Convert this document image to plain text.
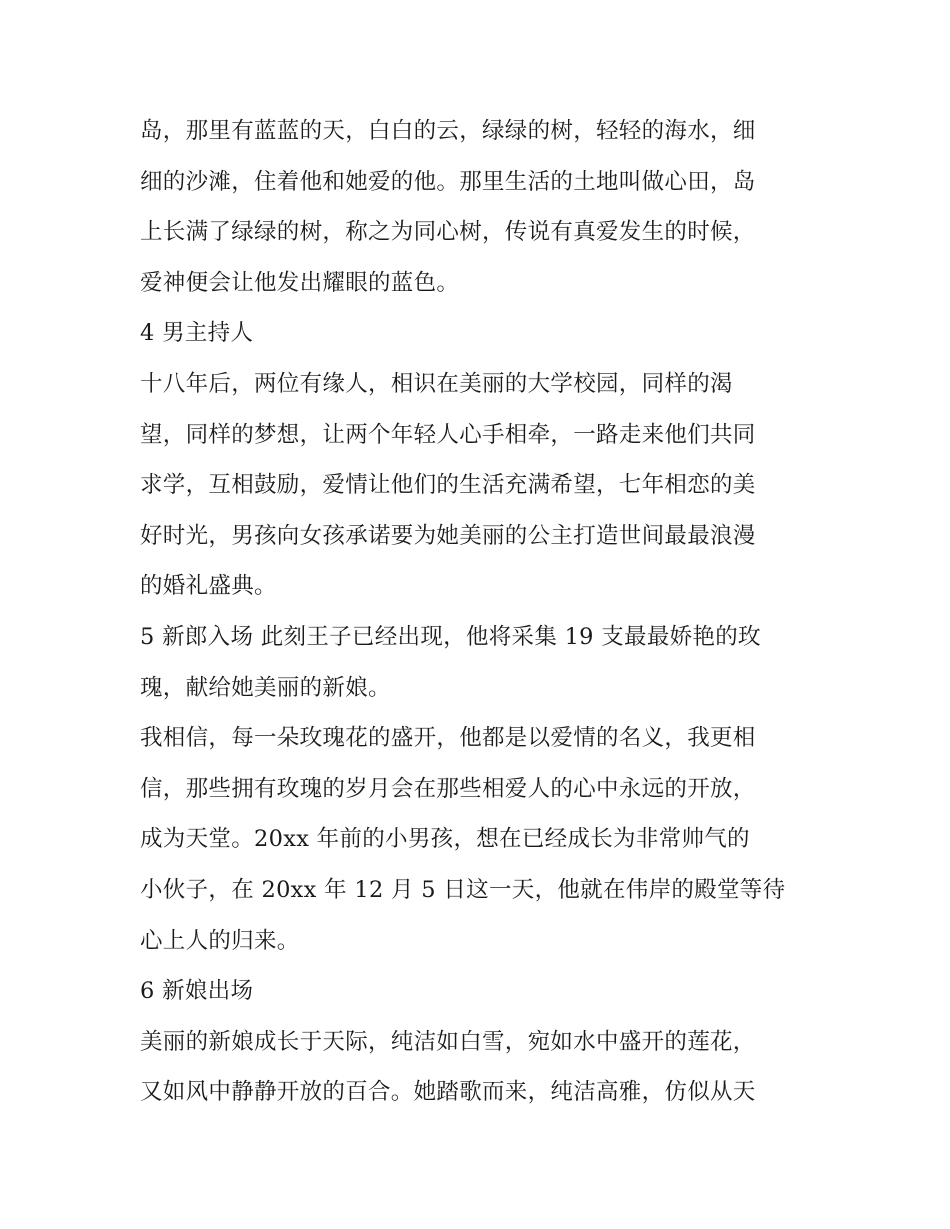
岛，那里有蓝蓝的天，白白的云，绿绿的树，轻轻的海水，细
细的沙滩，住着他和她爱的他。那里生活的土地叫做心田，岛
上长满了绿绿的树，称之为同心树，传说有真爱发生的时候，
爱神便会让他发出耀眼的蓝色。
4 男主持人
十八年后，两位有缘人，相识在美丽的大学校园，同样的渴
望，同样的梦想，让两个年轻人心手相牵，一路走来他们共同
求学，互相鼓励，爱情让他们的生活充满希望，七年相恋的美
好时光，男孩向女孩承诺要为她美丽的公主打造世间最最浪漫
的婚礼盛典。
5 新郎入场 此刻王子已经出现，他将采集 19 支最最娇艳的玫
瑰，献给她美丽的新娘。
我相信，每一朵玫瑰花的盛开，他都是以爱情的名义，我更相
信，那些拥有玫瑰的岁月会在那些相爱人的心中永远的开放，
成为天堂。20xx 年前的小男孩，想在已经成长为非常帅气的
小伙子，在 20xx 年 12 月 5 日这一天，他就在伟岸的殿堂等待
心上人的归来。
6 新娘出场
美丽的新娘成长于天际，纯洁如白雪，宛如水中盛开的莲花，
又如风中静静开放的百合。她踏歌而来，纯洁高雅，仿似从天
